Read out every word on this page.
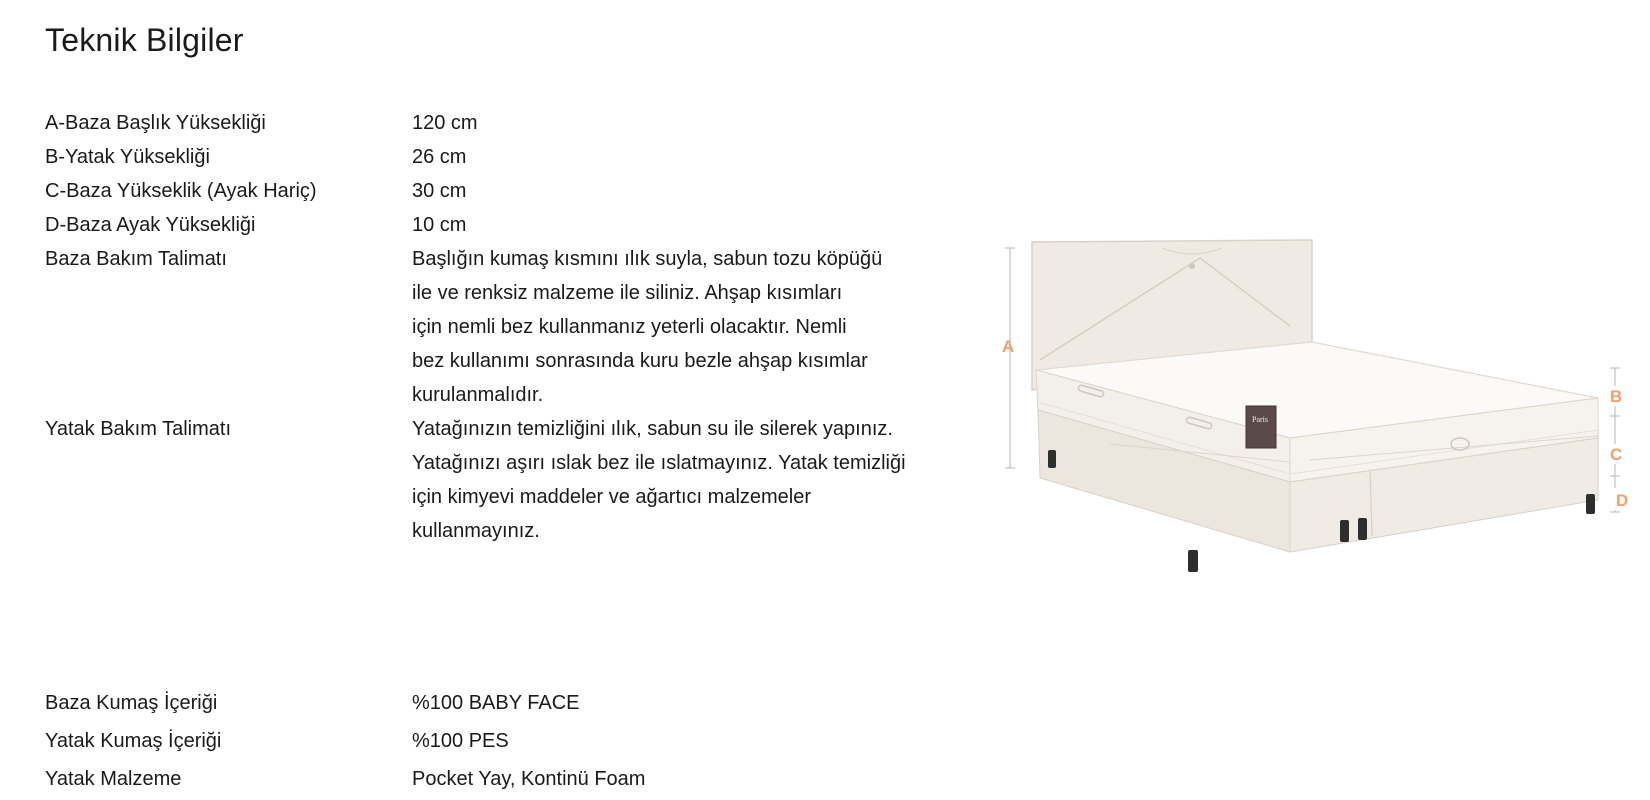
Teknik Bilgiler
A-Baza Başlık Yüksekliği	120 cm
B-Yatak Yüksekliği	26 cm
C-Baza Yükseklik (Ayak Hariç)	30 cm
D-Baza Ayak Yüksekliği	10 cm
Baza Bakım Talimatı	Başlığın kumaş kısmını ılık suyla, sabun tozu köpüğü
ile ve renksiz malzeme ile siliniz. Ahşap kısımları
için nemli bez kullanmanız yeterli olacaktır. Nemli
bez kullanımı sonrasında kuru bezle ahşap kısımlar
kurulanmalıdır.
Yatak Bakım Talimatı	Yatağınızın temizliğini ılık, sabun su ile silerek yapınız.
Yatağınızı aşırı ıslak bez ile ıslatmayınız. Yatak temizliği
için kimyevi maddeler ve ağartıcı malzemeler
kullanmayınız.
Baza Kumaş İçeriği	%100 BABY FACE
Yatak Kumaş İçeriği	%100 PES
Yatak Malzeme	Pocket Yay, Kontinü Foam
A
Paris
B
C
D
